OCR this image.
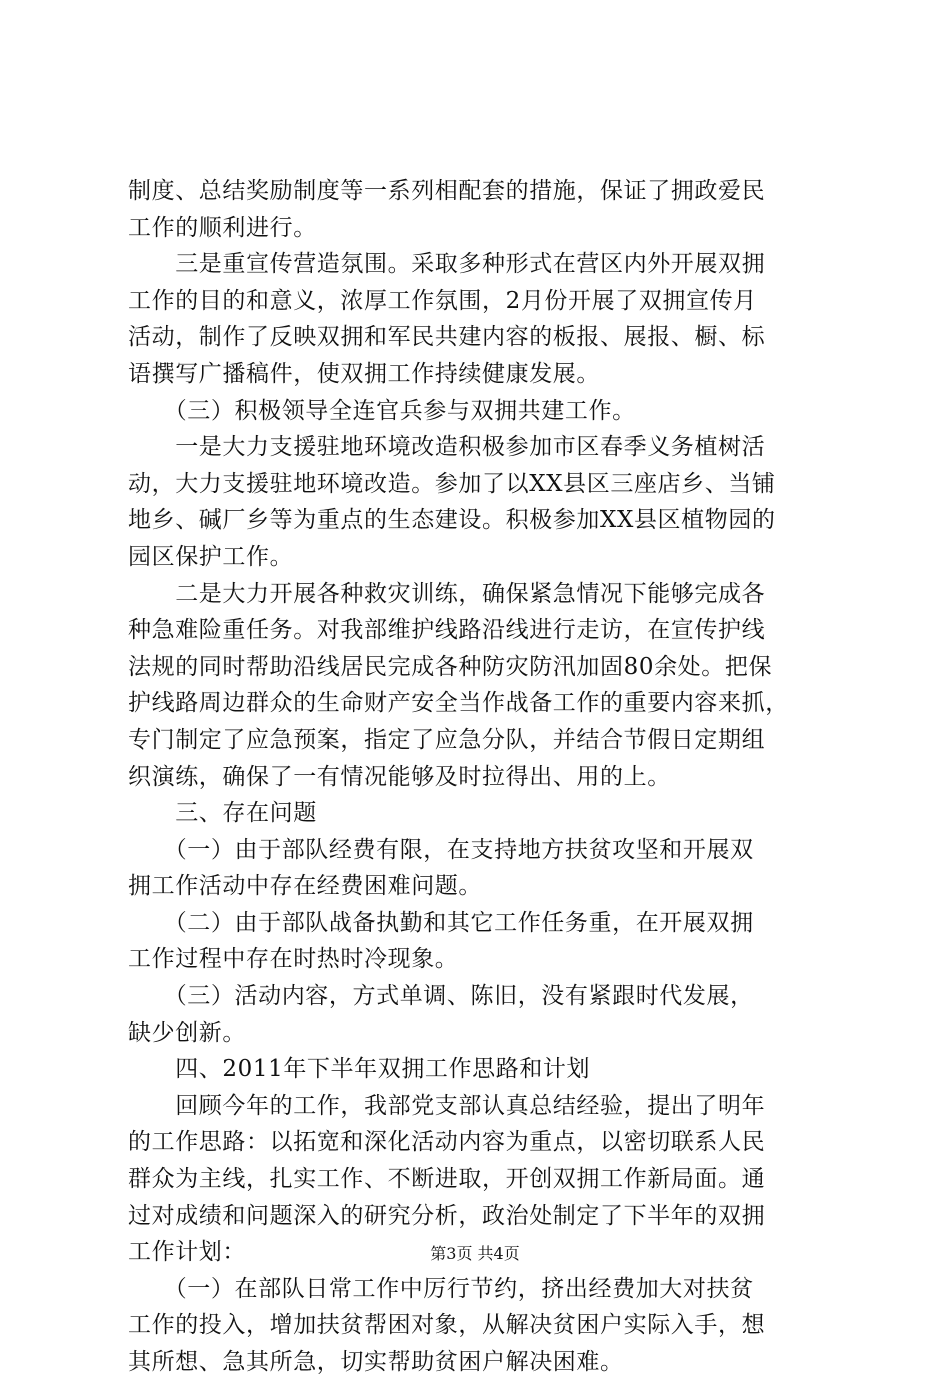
制度、总结奖励制度等一系列相配套的措施，保证了拥政爱民
工作的顺利进行。
　　三是重宣传营造氛围。采取多种形式在营区内外开展双拥
工作的目的和意义，浓厚工作氛围，2月份开展了双拥宣传月
活动，制作了反映双拥和军民共建内容的板报、展报、橱、标
语撰写广播稿件，使双拥工作持续健康发展。
　　（三）积极领导全连官兵参与双拥共建工作。
　　一是大力支援驻地环境改造积极参加市区春季义务植树活
动，大力支援驻地环境改造。参加了以XX县区三座店乡、当铺
地乡、碱厂乡等为重点的生态建设。积极参加XX县区植物园的
园区保护工作。
　　二是大力开展各种救灾训练，确保紧急情况下能够完成各
种急难险重任务。对我部维护线路沿线进行走访，在宣传护线
法规的同时帮助沿线居民完成各种防灾防汛加固80余处。把保
护线路周边群众的生命财产安全当作战备工作的重要内容来抓，
专门制定了应急预案，指定了应急分队，并结合节假日定期组
织演练，确保了一有情况能够及时拉得出、用的上。
　　三、存在问题
　　（一）由于部队经费有限，在支持地方扶贫攻坚和开展双
拥工作活动中存在经费困难问题。
　　（二）由于部队战备执勤和其它工作任务重，在开展双拥
工作过程中存在时热时冷现象。
　　（三）活动内容，方式单调、陈旧，没有紧跟时代发展，
缺少创新。
　　四、2011年下半年双拥工作思路和计划
　　回顾今年的工作，我部党支部认真总结经验，提出了明年
的工作思路：以拓宽和深化活动内容为重点，以密切联系人民
群众为主线，扎实工作、不断进取，开创双拥工作新局面。通
过对成绩和问题深入的研究分析，政治处制定了下半年的双拥
工作计划：
　　（一）在部队日常工作中厉行节约，挤出经费加大对扶贫
工作的投入，增加扶贫帮困对象，从解决贫困户实际入手，想
其所想、急其所急，切实帮助贫困户解决困难。

第3页 共4页
